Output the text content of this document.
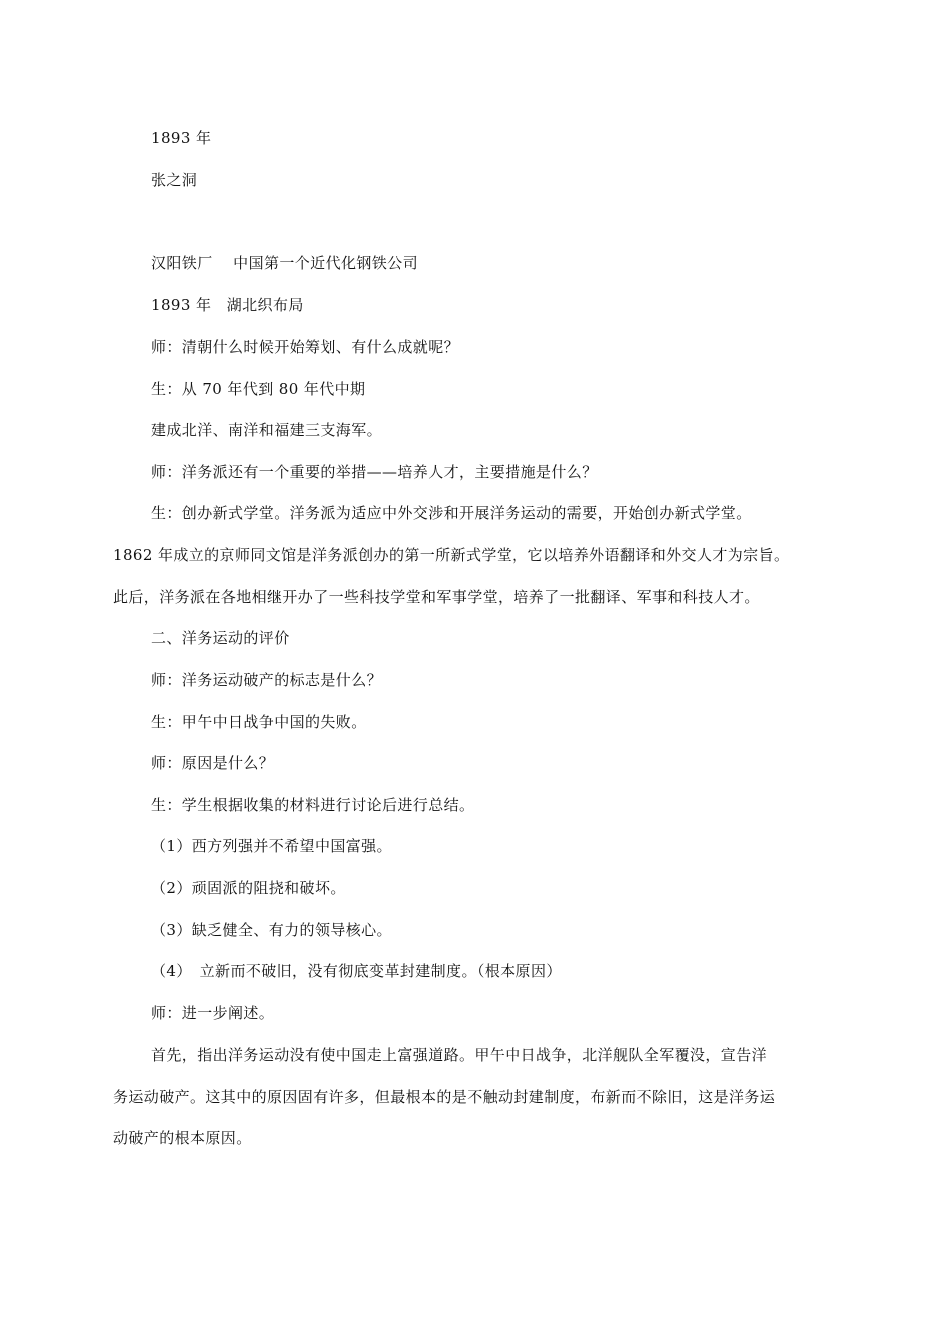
1893 年

张之洞

汉阳铁厂　 中国第一个近代化钢铁公司

1893 年　湖北织布局

师：清朝什么时候开始筹划、有什么成就呢？

生：从 70 年代到 80 年代中期

建成北洋、南洋和福建三支海军。

师：洋务派还有一个重要的举措——培养人才，主要措施是什么？

生：创办新式学堂。洋务派为适应中外交涉和开展洋务运动的需要，开始创办新式学堂。

1862 年成立的京师同文馆是洋务派创办的第一所新式学堂，它以培养外语翻译和外交人才为宗旨。

此后，洋务派在各地相继开办了一些科技学堂和军事学堂，培养了一批翻译、军事和科技人才。

二、洋务运动的评价

师：洋务运动破产的标志是什么？

生：甲午中日战争中国的失败。

师：原因是什么？

生：学生根据收集的材料进行讨论后进行总结。

（1）西方列强并不希望中国富强。

（2）顽固派的阻挠和破坏。

（3）缺乏健全、有力的领导核心。

（4）　立新而不破旧，没有彻底变革封建制度。（根本原因）

师：进一步阐述。

首先，指出洋务运动没有使中国走上富强道路。甲午中日战争，北洋舰队全军覆没，宣告洋

务运动破产。这其中的原因固有许多，但最根本的是不触动封建制度，布新而不除旧，这是洋务运

动破产的根本原因。
